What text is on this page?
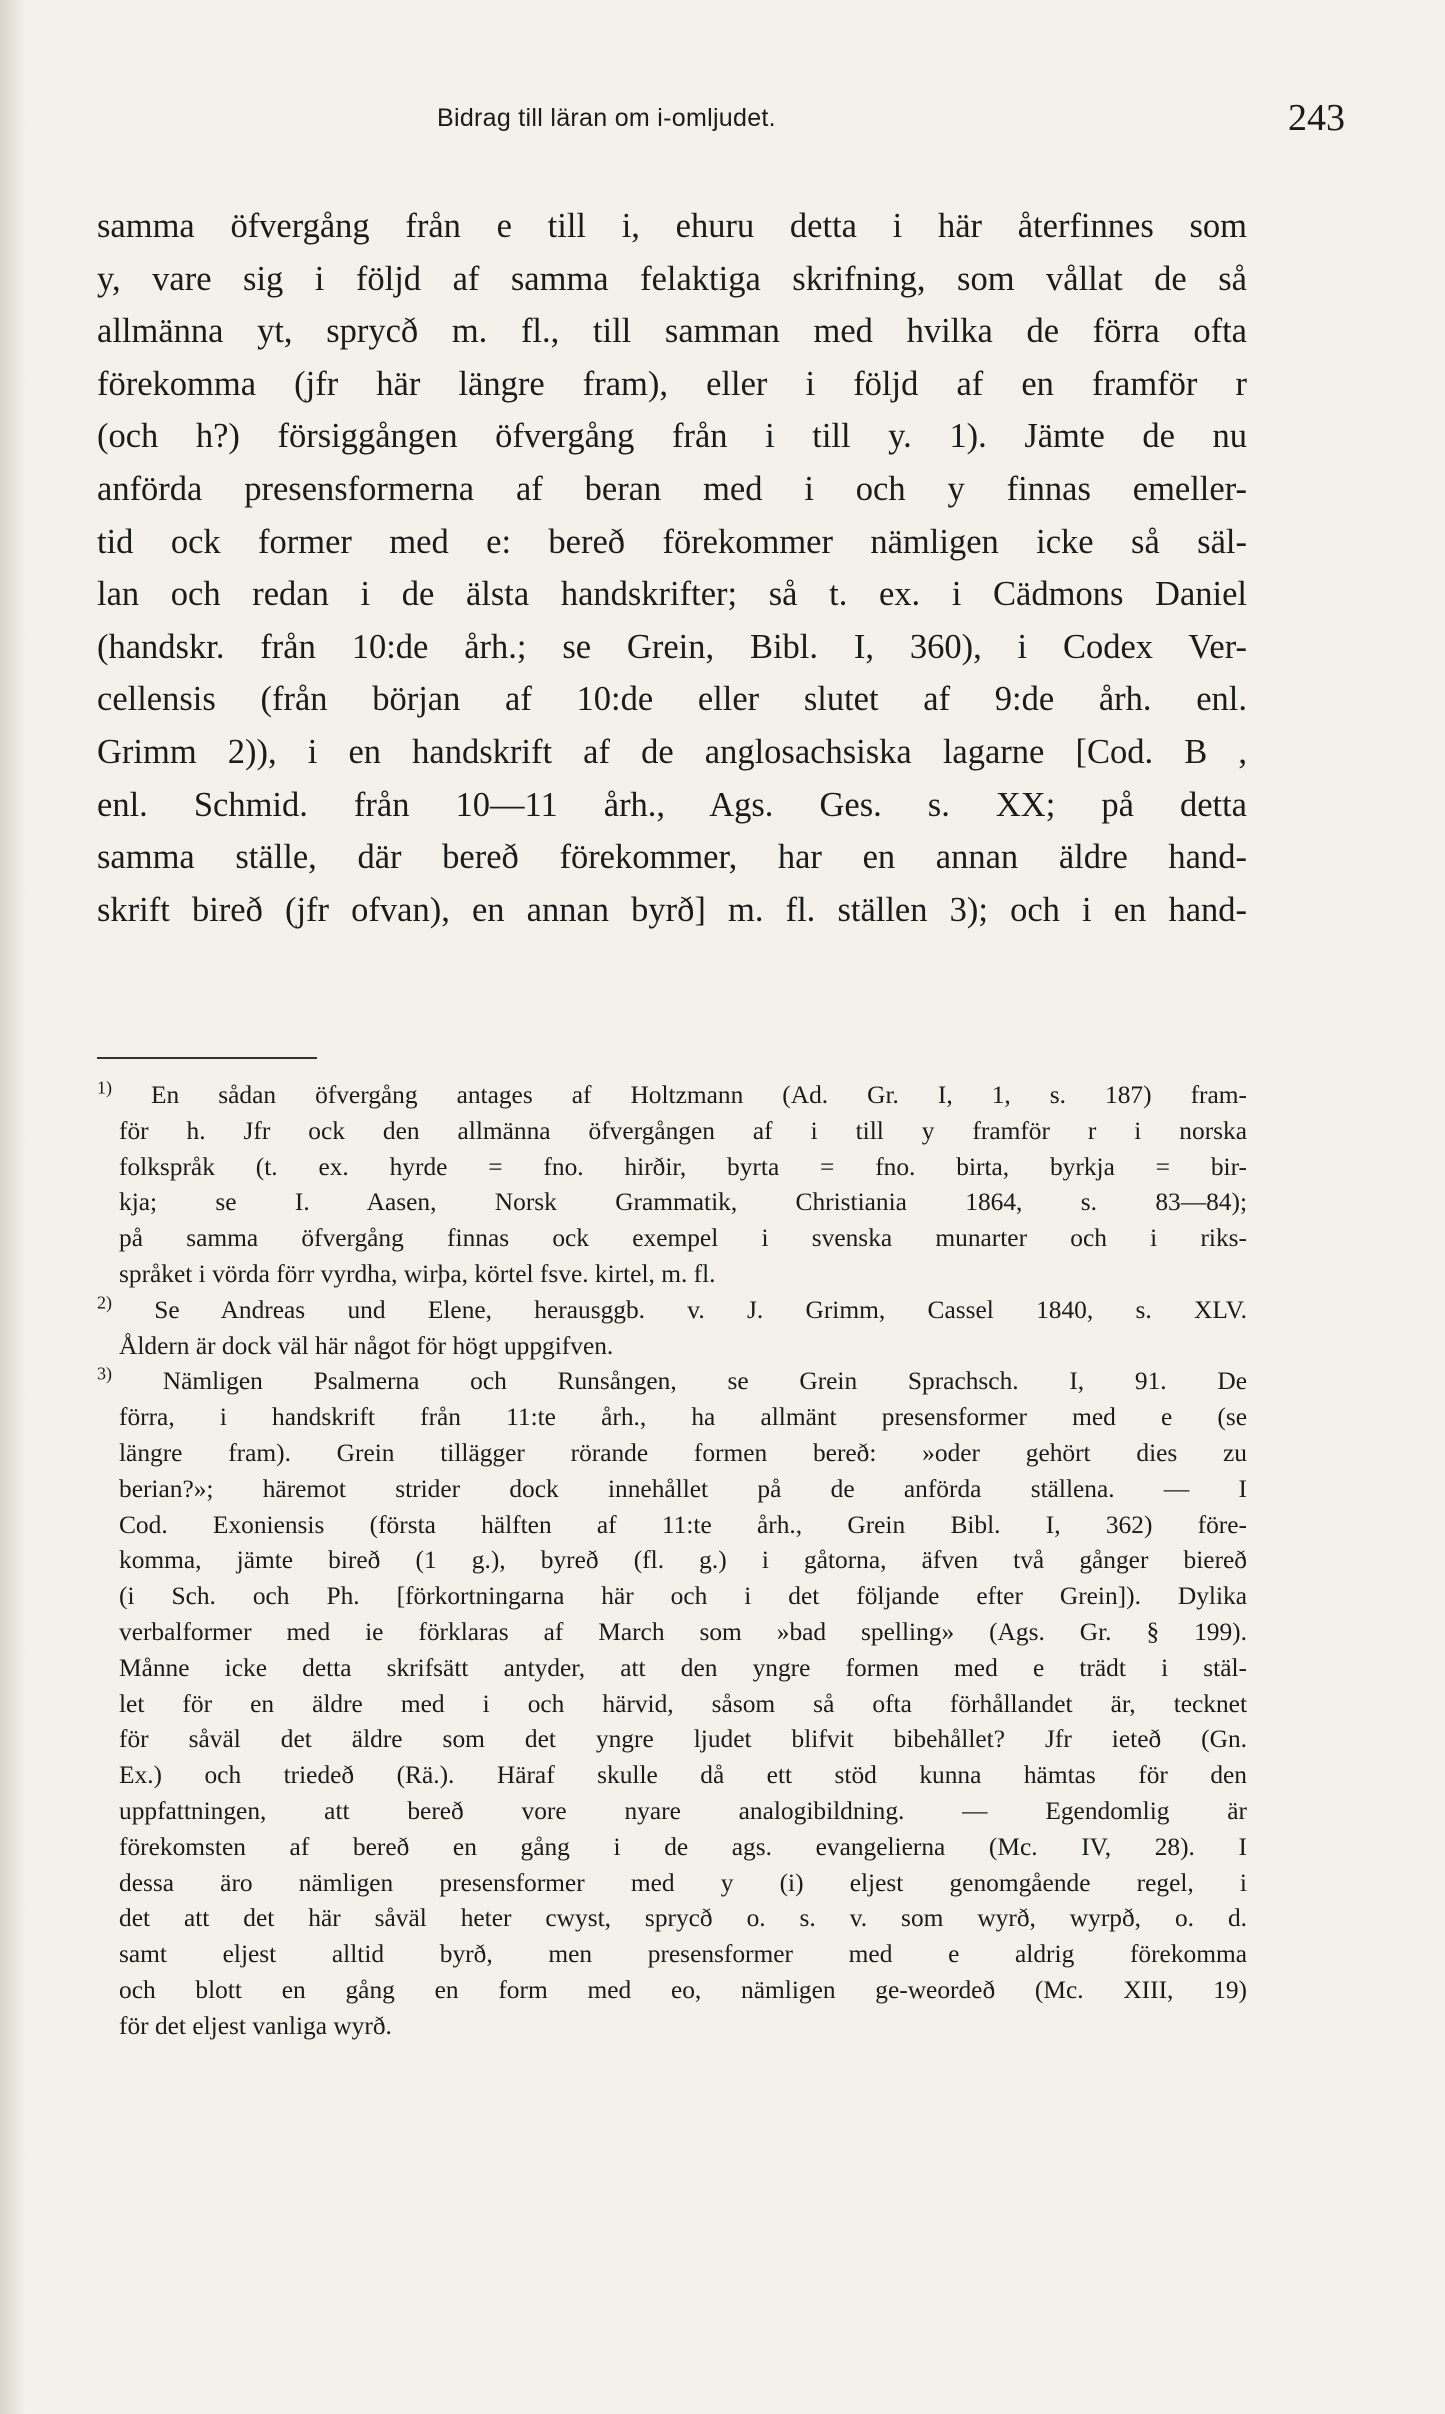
Bidrag till läran om i-omljudet.	243
samma öfvergång från e till i, ehuru detta i här återfinnes som
y, vare sig i följd af samma felaktiga skrifning, som vållat de så
allmänna yt, sprycð m. fl., till samman med hvilka de förra ofta
förekomma (jfr här längre fram), eller i följd af en framför r
(och h?) försiggången öfvergång från i till y. 1). Jämte de nu
anförda presensformerna af beran med i och y finnas emeller-
tid ock former med e: bereð förekommer nämligen icke så säl-
lan och redan i de älsta handskrifter; så t. ex. i Cädmons Daniel
(handskr. från 10:de årh.; se Grein, Bibl. I, 360), i Codex Ver-
cellensis (från början af 10:de eller slutet af 9:de årh. enl.
Grimm 2)), i en handskrift af de anglosachsiska lagarne [Cod. B ,
enl. Schmid. från 10—11 årh., Ags. Ges. s. XX; på detta
samma ställe, där bereð förekommer, har en annan äldre hand-
skrift bireð (jfr ofvan), en annan byrð] m. fl. ställen 3); och i en hand-
$^{1)}$ En sådan öfvergång antages af Holtzmann (Ad. Gr. I, 1, s. 187) fram-
för h. Jfr ock den allmänna öfvergången af i till y framför r i norska
folkspråk (t. ex. hyrde = fno. hirðir, byrta = fno. birta, byrkja = bir-
kja; se I. Aasen, Norsk Grammatik, Christiania 1864, s. 83—84);
på samma öfvergång finnas ock exempel i svenska munarter och i riks-
språket i vörda förr vyrdha, wirþa, körtel fsve. kirtel, m. fl.
$^{2)}$ Se Andreas und Elene, herausggb. v. J. Grimm, Cassel 1840, s. XLV.
Åldern är dock väl här något för högt uppgifven.
$^{3)}$ Nämligen Psalmerna och Runsången, se Grein Sprachsch. I, 91. De
förra, i handskrift från 11:te årh., ha allmänt presensformer med e (se
längre fram). Grein tillägger rörande formen bereð: »oder gehört dies zu
berian?»; häremot strider dock innehållet på de anförda ställena. — I
Cod. Exoniensis (första hälften af 11:te årh., Grein Bibl. I, 362) före-
komma, jämte bireð (1 g.), byreð (fl. g.) i gåtorna, äfven två gånger biereð
(i Sch. och Ph. [förkortningarna här och i det följande efter Grein]). Dylika
verbalformer med ie förklaras af March som »bad spelling» (Ags. Gr. § 199).
Månne icke detta skrifsätt antyder, att den yngre formen med e trädt i stäl-
let för en äldre med i och härvid, såsom så ofta förhållandet är, tecknet
för såväl det äldre som det yngre ljudet blifvit bibehållet? Jfr ieteð (Gn.
Ex.) och triedeð (Rä.). Häraf skulle då ett stöd kunna hämtas för den
uppfattningen, att bereð vore nyare analogibildning. — Egendomlig är
förekomsten af bereð en gång i de ags. evangelierna (Mc. IV, 28). I
dessa äro nämligen presensformer med y (i) eljest genomgående regel, i
det att det här såväl heter cwyst, sprycð o. s. v. som wyrð, wyrpð, o. d.
samt eljest alltid byrð, men presensformer med e aldrig förekomma
och blott en gång en form med eo, nämligen ge-weordeð (Mc. XIII, 19)
för det eljest vanliga wyrð.
